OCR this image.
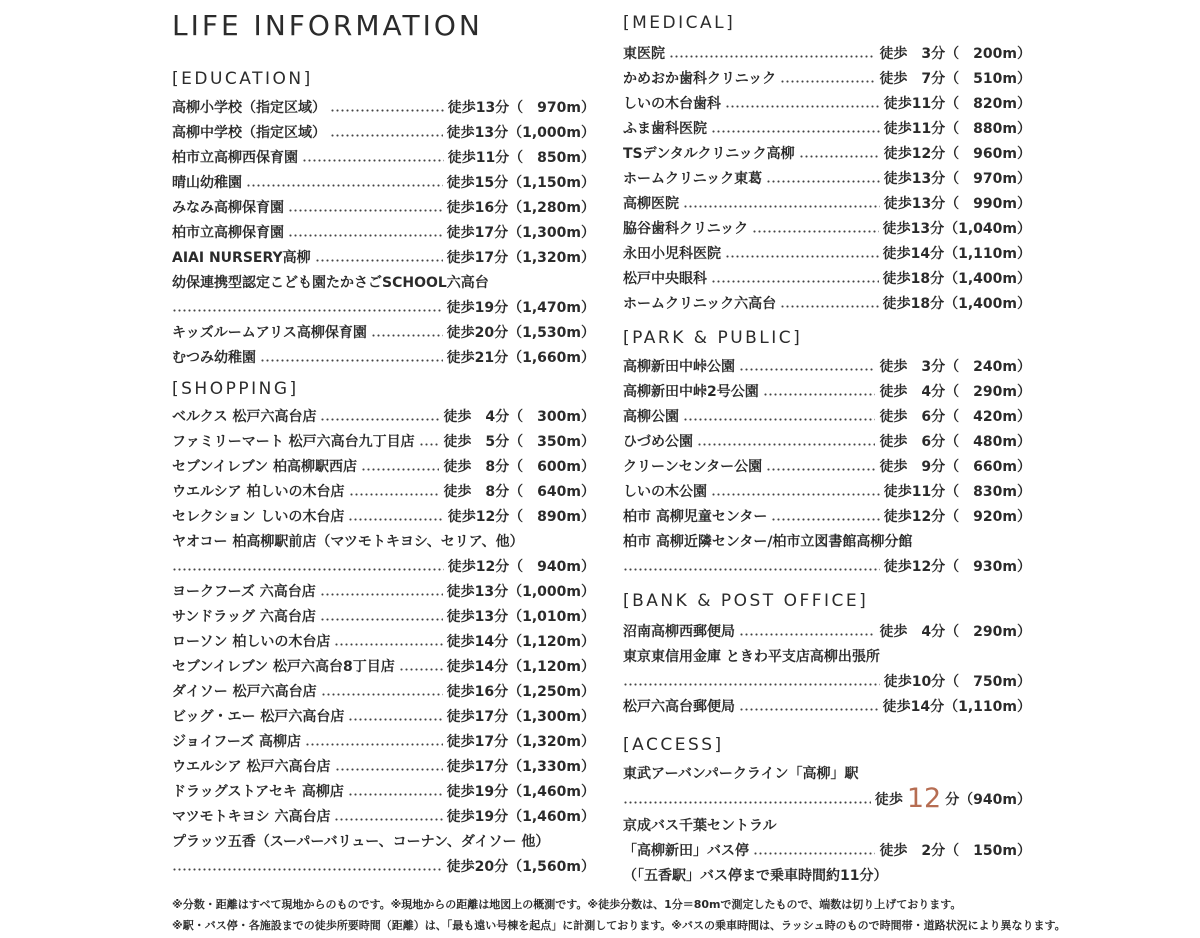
LIFE INFORMATION
[EDUCATION]
高柳小学校（指定区域）	徒歩13分（　970m）
高柳中学校（指定区域）	徒歩13分（1,000m）
柏市立高柳西保育園	徒歩11分（　850m）
晴山幼稚園	徒歩15分（1,150m）
みなみ高柳保育園	徒歩16分（1,280m）
柏市立高柳保育園	徒歩17分（1,300m）
AIAI NURSERY高柳	徒歩17分（1,320m）
幼保連携型認定こども園たかさごSCHOOL六高台
徒歩19分（1,470m）
キッズルームアリス高柳保育園	徒歩20分（1,530m）
むつみ幼稚園	徒歩21分（1,660m）
[SHOPPING]
ベルクス 松戸六高台店	徒歩　4分（　300m）
ファミリーマート 松戸六高台九丁目店 徒歩　5分（　350m）
セブンイレブン 柏高柳駅西店	徒歩　8分（　600m）
ウエルシア 柏しいの木台店	徒歩　8分（　640m）
セレクション しいの木台店	徒歩12分（　890m）
ヤオコー 柏高柳駅前店（マツモトキヨシ、セリア、他）
徒歩12分（　940m）
ヨークフーズ 六高台店	徒歩13分（1,000m）
サンドラッグ 六高台店	徒歩13分（1,010m）
ローソン 柏しいの木台店	徒歩14分（1,120m）
セブンイレブン 松戸六高台8丁目店	徒歩14分（1,120m）
ダイソー 松戸六高台店	徒歩16分（1,250m）
ビッグ・エー 松戸六高台店	徒歩17分（1,300m）
ジョイフーズ 高柳店	徒歩17分（1,320m）
ウエルシア 松戸六高台店	徒歩17分（1,330m）
ドラッグストアセキ 高柳店	徒歩19分（1,460m）
マツモトキヨシ 六高台店	徒歩19分（1,460m）
プラッツ五香（スーパーバリュー、コーナン、ダイソー 他）
徒歩20分（1,560m）
[MEDICAL]
東医院	徒歩　3分（　200m）
かめおか歯科クリニック	徒歩　7分（　510m）
しいの木台歯科	徒歩11分（　820m）
ふま歯科医院	徒歩11分（　880m）
TSデンタルクリニック高柳	徒歩12分（　960m）
ホームクリニック東葛	徒歩13分（　970m）
高柳医院	徒歩13分（　990m）
脇谷歯科クリニック	徒歩13分（1,040m）
永田小児科医院	徒歩14分（1,110m）
松戸中央眼科	徒歩18分（1,400m）
ホームクリニック六高台	徒歩18分（1,400m）
[PARK & PUBLIC]
高柳新田中峠公園	徒歩　3分（　240m）
高柳新田中峠2号公園	徒歩　4分（　290m）
高柳公園	徒歩　6分（　420m）
ひづめ公園	徒歩　6分（　480m）
クリーンセンター公園	徒歩　9分（　660m）
しいの木公園	徒歩11分（　830m）
柏市 高柳児童センター	徒歩12分（　920m）
柏市 高柳近隣センター/柏市立図書館高柳分館
徒歩12分（　930m）
[BANK & POST OFFICE]
沼南高柳西郵便局	徒歩　4分（　290m）
東京東信用金庫 ときわ平支店高柳出張所
徒歩10分（　750m）
松戸六高台郵便局	徒歩14分（1,110m）
[ACCESS]
東武アーバンパークライン「高柳」駅
徒歩 12 分（940m）
京成バス千葉セントラル
「高柳新田」バス停	徒歩　2分（　150m）
（「五香駅」バス停まで乗車時間約11分）
※分数・距離はすべて現地からのものです。※現地からの距離は地図上の概測です。※徒歩分数は、1分＝80mで測定したもので、端数は切り上げております。
※駅・バス停・各施設までの徒歩所要時間（距離）は、「最も遠い号棟を起点」に計測しております。※バスの乗車時間は、ラッシュ時のもので時間帯・道路状況により異なります。
